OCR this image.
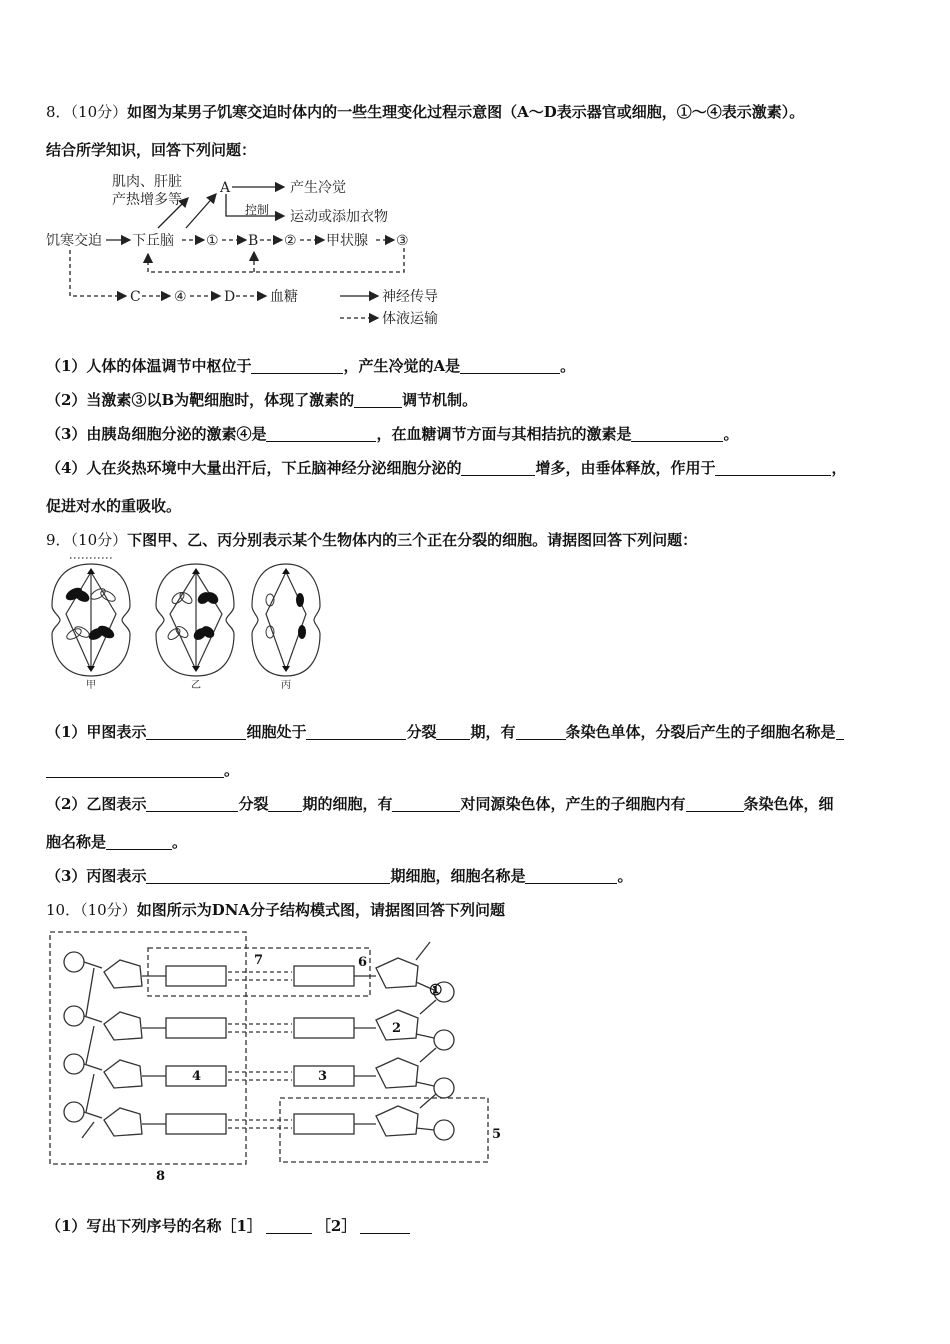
8．（10分）如图为某男子饥寒交迫时体内的一些生理变化过程示意图（A～D表示器官或细胞，①～④表示激素）。
结合所学知识，回答下列问题：
肌肉、肝脏
产热增多等
A	产生冷觉
控制 运动或添加衣物
饥寒交迫 下丘脑 ① B ② 甲状腺 ③
C ④	D 血糖	神经传导
体液运输
（1）人体的体温调节中枢位于	，产生冷觉的A是	。
（2）当激素③以B为靶细胞时，体现了激素的	调节机制。
（3）由胰岛细胞分泌的激素④是	，在血糖调节方面与其相拮抗的激素是	。
（4）人在炎热环境中大量出汗后，下丘脑神经分泌细胞分泌的	增多，由垂体释放，作用于	，
促进对水的重吸收。
9．（10分）下图甲、乙、丙分别表示某个生物体内的三个正在分裂的细胞。请据图回答下列问题：
甲	乙	丙
（1）甲图表示	细胞处于	分裂 期，有	条染色单体，分裂后产生的子细胞名称是
。
（2）乙图表示	分裂 期的细胞，有	对同源染色体，产生的子细胞内有	条染色体，细
胞名称是	。
（3）丙图表示	期细胞，细胞名称是	。
10．（10分）如图所示为DNA分子结构模式图，请据图回答下列问题
7	6
①
2
4	3
5
8
（1）写出下列序号的名称［1］	［2］
